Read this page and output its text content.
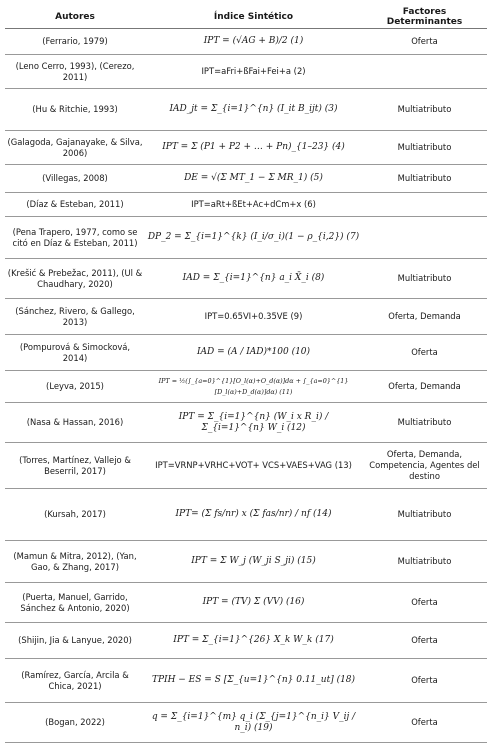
Autores	Índice Sintético	Factores Determinantes
(Ferrario, 1979)	IPT = (√AG + B)/2 (1)	Oferta
(Leno Cerro, 1993), (Cerezo, 2011)	IPT=aFri+ßFai+Fei+a (2)	
(Hu & Ritchie, 1993)	IAD_jt = Σ_{i=1}^{n} (I_it B_ijt) (3)	Multiatributo
(Galagoda, Gajanayake, & Silva, 2006)	IPT = Σ (P1 + P2 + … + Pn)_{1–23} (4)	Multiatributo
(Villegas, 2008)	DE = √(Σ MT_1 − Σ MR_1) (5)	Multiatributo
(Díaz & Esteban, 2011)	IPT=aRt+ßEt+Ac+dCm+x (6)	
(Pena Trapero, 1977, como se citó en Díaz & Esteban, 2011)	DP_2 = Σ_{i=1}^{k} (I_i/σ_i)(1 − ρ_{i,2}) (7)	
(Krešić & Prebežac, 2011), (Ul & Chaudhary, 2020)	IAD = Σ_{i=1}^{n} a_i X̄_i (8)	Multiatributo
(Sánchez, Rivero, & Gallego, 2013)	IPT=0.65VI+0.35VE (9)	Oferta, Demanda
(Pompurová & Simocková, 2014)	IAD = (A / IAD)*100 (10)	Oferta
(Leyva, 2015)	IPT = ½(∫_{a=0}^{1}[O_l(α)+O_d(α)]dα + ∫_{a=0}^{1}[D_l(α)+D_d(α)]dα) (11)	Oferta, Demanda
(Nasa & Hassan, 2016)	IPT = Σ_{i=1}^{n} (W_i x R_i) / Σ_{i=1}^{n} W_i (12)	Multiatributo
(Torres, Martínez, Vallejo & Beserril, 2017)	IPT=VRNP+VRHC+VOT+ VCS+VAES+VAG (13)	Oferta, Demanda, Competencia, Agentes del destino
(Kursah, 2017)	IPT= (Σ fs/nr) x (Σ fas/nr) / nf (14)	Multiatributo
(Mamun & Mitra, 2012), (Yan, Gao, & Zhang, 2017)	IPT = Σ W_j (W_ji S_ji) (15)	Multiatributo
(Puerta, Manuel, Garrido, Sánchez & Antonio, 2020)	IPT = (TV) Σ (VV) (16)	Oferta
(Shijin, Jia & Lanyue, 2020)	IPT = Σ_{i=1}^{26} X_k W_k (17)	Oferta
(Ramírez, García, Arcila & Chica, 2021)	TPIH − ES = S [Σ_{u=1}^{n} 0.11_ut] (18)	Oferta
(Bogan, 2022)	q = Σ_{i=1}^{m} q_i (Σ_{j=1}^{n_i} V_ij / n_i) (19)	Oferta
